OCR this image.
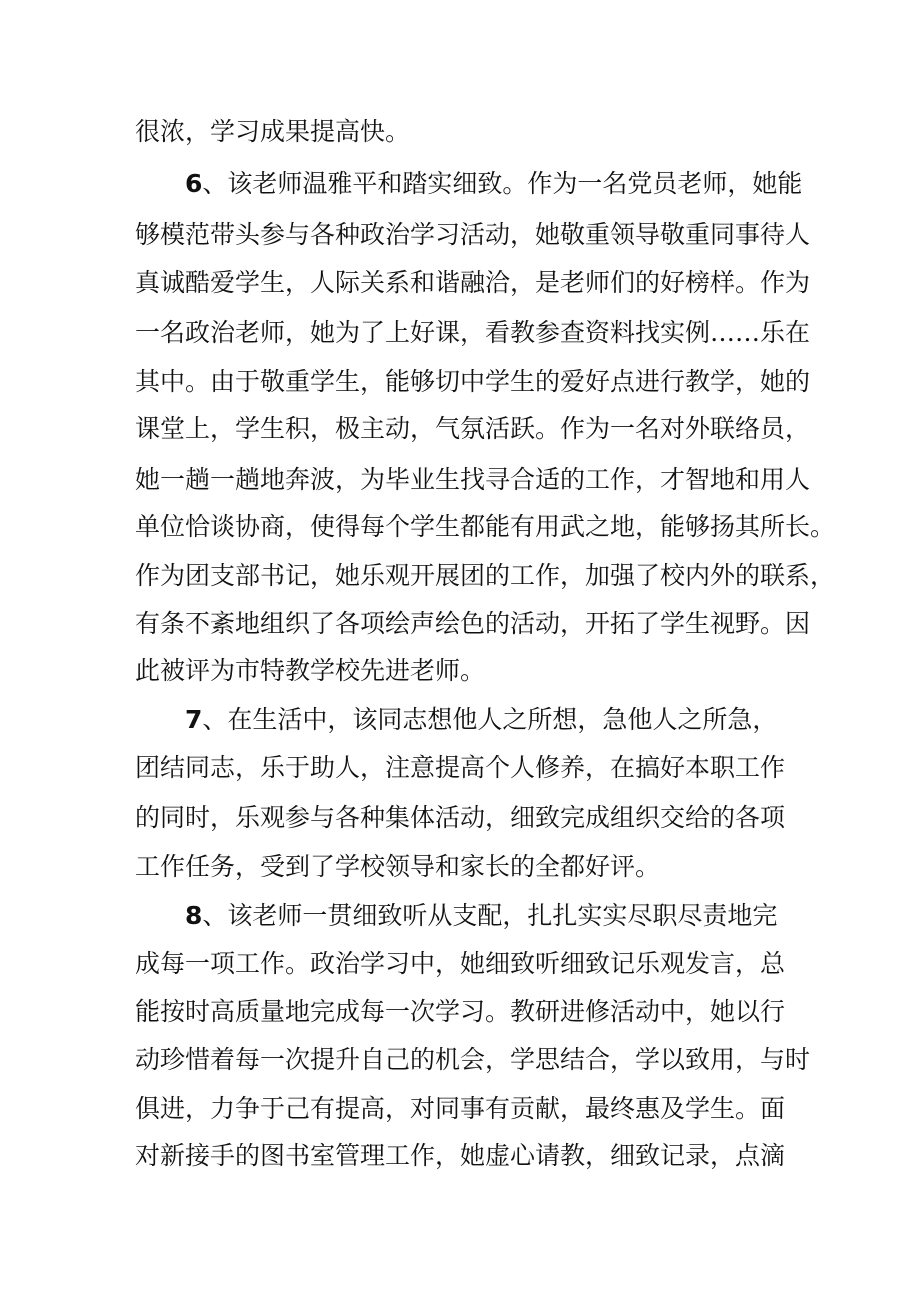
很浓，学习成果提高快。
6、该老师温雅平和踏实细致。作为一名党员老师，她能
够模范带头参与各种政治学习活动，她敬重领导敬重同事待人
真诚酷爱学生，人际关系和谐融洽，是老师们的好榜样。作为
一名政治老师，她为了上好课，看教参查资料找实例……乐在
其中。由于敬重学生，能够切中学生的爱好点进行教学，她的
课堂上，学生积，极主动，气氛活跃。作为一名对外联络员，
她一趟一趟地奔波，为毕业生找寻合适的工作，才智地和用人
单位恰谈协商，使得每个学生都能有用武之地，能够扬其所长。
作为团支部书记，她乐观开展团的工作，加强了校内外的联系，
有条不紊地组织了各项绘声绘色的活动，开拓了学生视野。因
此被评为市特教学校先进老师。
7、在生活中，该同志想他人之所想，急他人之所急，
团结同志，乐于助人，注意提高个人修养，在搞好本职工作
的同时，乐观参与各种集体活动，细致完成组织交给的各项
工作任务，受到了学校领导和家长的全都好评。
8、该老师一贯细致听从支配，扎扎实实尽职尽责地完
成每一项工作。政治学习中，她细致听细致记乐观发言，总
能按时高质量地完成每一次学习。教研进修活动中，她以行
动珍惜着每一次提升自己的机会，学思结合，学以致用，与时
俱进，力争于己有提高，对同事有贡献，最终惠及学生。面
对新接手的图书室管理工作，她虚心请教，细致记录，点滴
